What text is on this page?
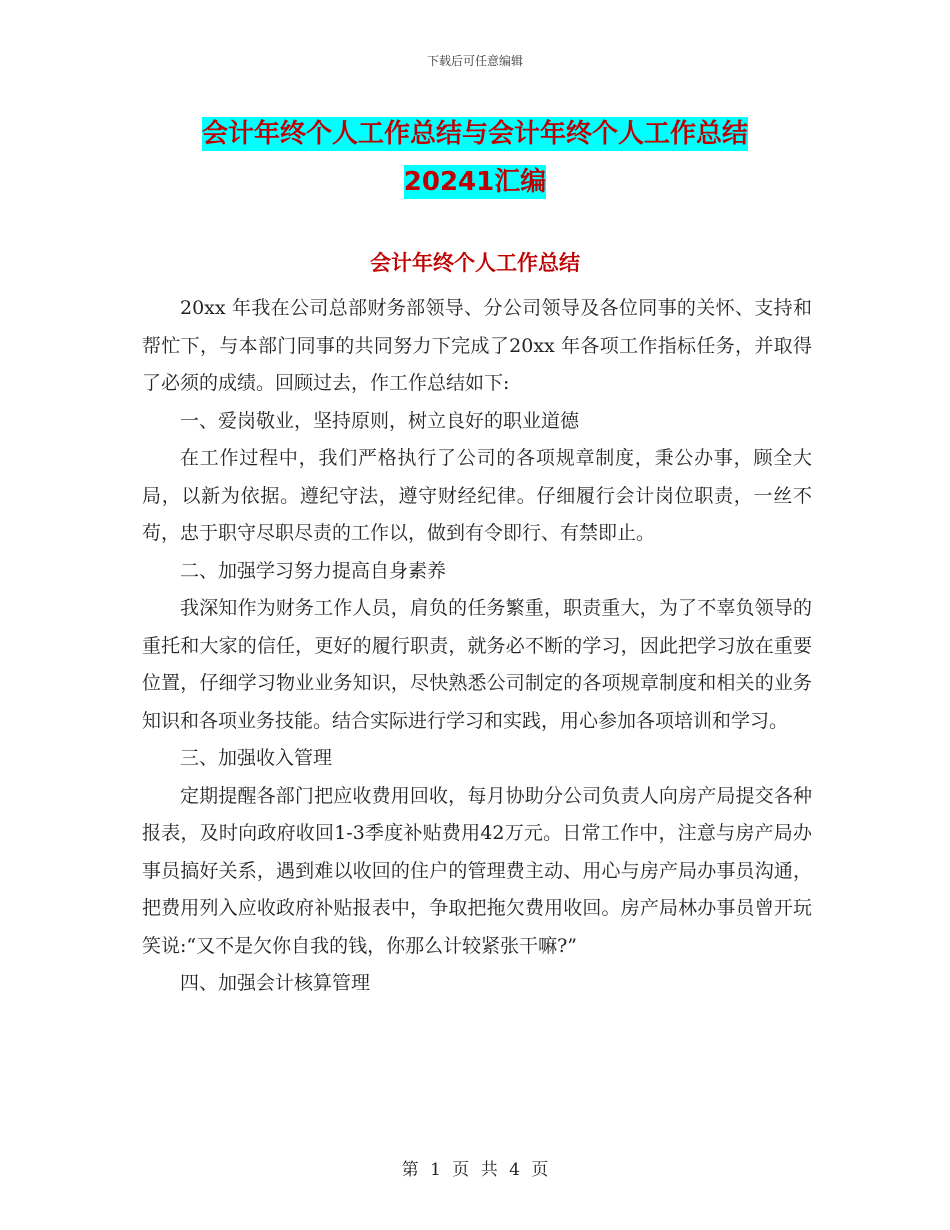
下载后可任意编辑
会计年终个人工作总结与会计年终个人工作总结
20241汇编
会计年终个人工作总结

20xx 年我在公司总部财务部领导、分公司领导及各位同事的关怀、支持和帮忙下，与本部门同事的共同努力下完成了20xx 年各项工作指标任务，并取得了必须的成绩。回顾过去，作工作总结如下:

一、爱岗敬业，坚持原则，树立良好的职业道德

在工作过程中，我们严格执行了公司的各项规章制度，秉公办事，顾全大局，以新为依据。遵纪守法，遵守财经纪律。仔细履行会计岗位职责，一丝不苟，忠于职守尽职尽责的工作以，做到有令即行、有禁即止。

二、加强学习努力提高自身素养

我深知作为财务工作人员，肩负的任务繁重，职责重大，为了不辜负领导的重托和大家的信任，更好的履行职责，就务必不断的学习，因此把学习放在重要位置，仔细学习物业业务知识，尽快熟悉公司制定的各项规章制度和相关的业务知识和各项业务技能。结合实际进行学习和实践，用心参加各项培训和学习。

三、加强收入管理

定期提醒各部门把应收费用回收，每月协助分公司负责人向房产局提交各种报表，及时向政府收回1-3季度补贴费用42万元。日常工作中，注意与房产局办事员搞好关系，遇到难以收回的住户的管理费主动、用心与房产局办事员沟通，把费用列入应收政府补贴报表中，争取把拖欠费用收回。房产局林办事员曾开玩笑说:“又不是欠你自我的钱，你那么计较紧张干嘛?”

四、加强会计核算管理

第 1 页 共 4 页
